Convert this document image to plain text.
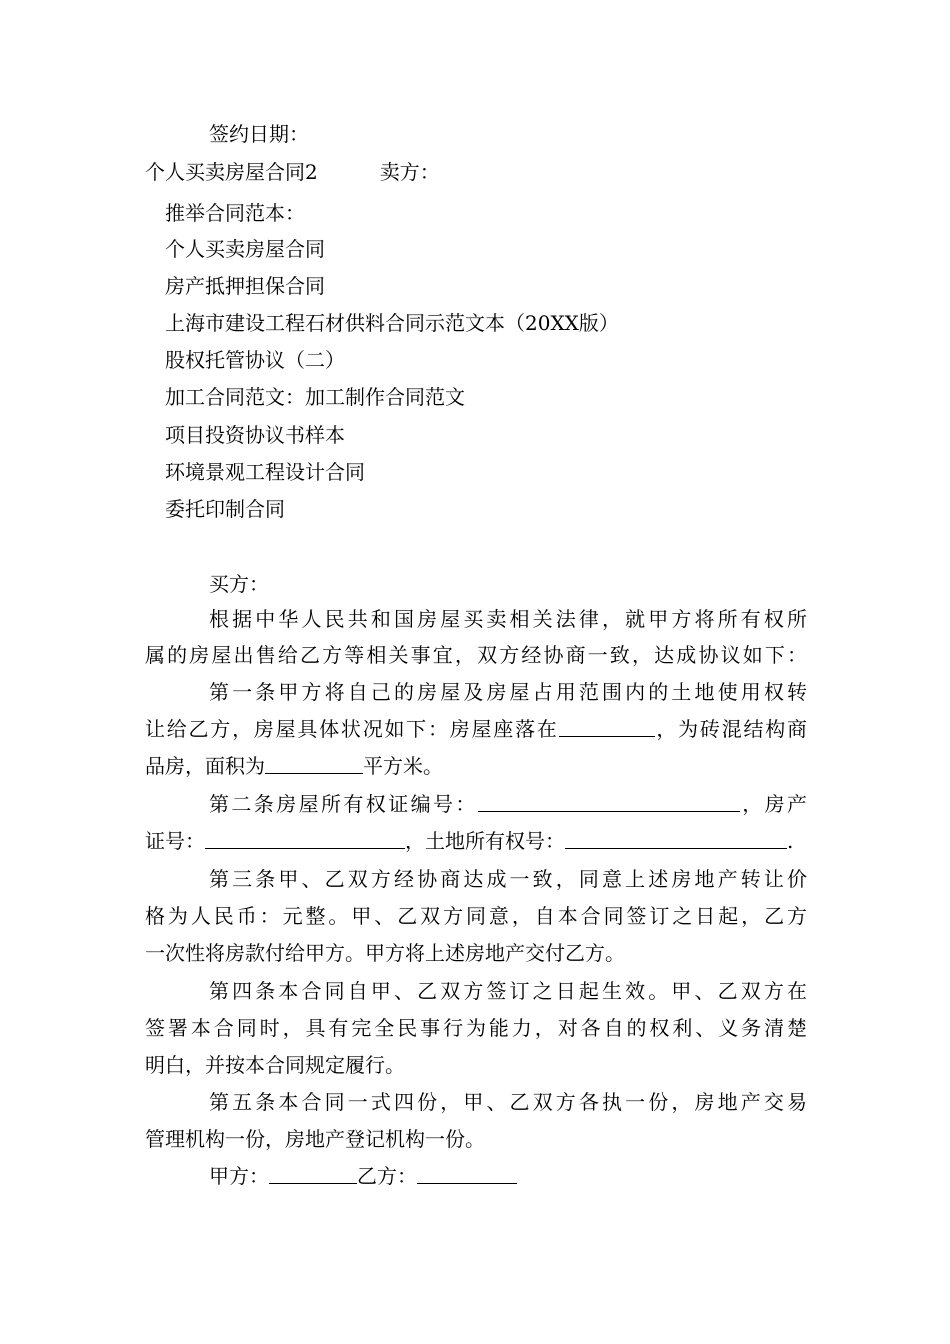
签约日期：
个人买卖房屋合同2	卖方：
推举合同范本：
个人买卖房屋合同
房产抵押担保合同
上海市建设工程石材供料合同示范文本（20XX版）
股权托管协议（二）
加工合同范文：加工制作合同范文
项目投资协议书样本
环境景观工程设计合同
委托印制合同
买方：
根据中华人民共和国房屋买卖相关法律，就甲方将所有权所
属的房屋出售给乙方等相关事宜，双方经协商一致，达成协议如下：
第一条甲方将自己的房屋及房屋占用范围内的土地使用权转
让给乙方，房屋具体状况如下：房屋座落在	，为砖混结构商
品房，面积为	平方米。
第二条房屋所有权证编号：	，房产
证号：	，土地所有权号：	.
第三条甲、乙双方经协商达成一致，同意上述房地产转让价
格为人民币：元整。甲、乙双方同意，自本合同签订之日起，乙方
一次性将房款付给甲方。甲方将上述房地产交付乙方。
第四条本合同自甲、乙双方签订之日起生效。甲、乙双方在
签署本合同时，具有完全民事行为能力，对各自的权利、义务清楚
明白，并按本合同规定履行。
第五条本合同一式四份，甲、乙双方各执一份，房地产交易
管理机构一份，房地产登记机构一份。
甲方：	乙方：
